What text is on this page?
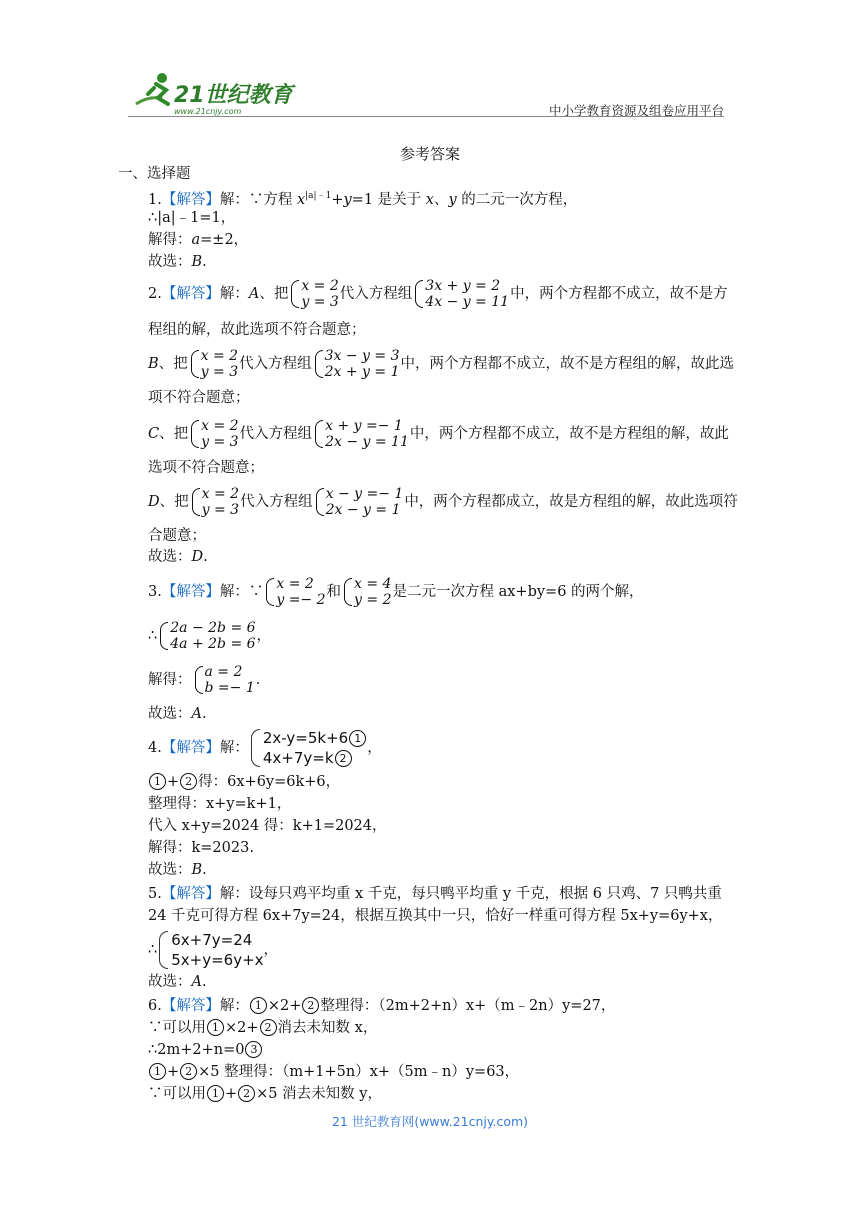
21世纪教育
www.21cnjy.com	中小学教育资源及组卷应用平台
参考答案
一、选择题
1.【解答】解：∵方程 $x^{|a|﹣1}+y=1$ 是关于 x、y 的二元一次方程，
∴|a|﹣1=1，
解得：a=±2，
故选：B.
2.【解答】解：A、把 x = 2
y = 3 代入方程组 3x + y = 2
4x − y = 11 中，两个方程都不成立，故不是方
程组的解，故此选项不符合题意；
B、把 x = 2
y = 3 代入方程组 3x − y = 3
2x + y = 1 中，两个方程都不成立，故不是方程组的解，故此选
项不符合题意；
C、把 x = 2
y = 3 代入方程组 x + y =− 1
2x − y = 11 中，两个方程都不成立，故不是方程组的解，故此
选项不符合题意；
D、把 x = 2
y = 3 代入方程组 x − y =− 1
2x − y = 1 中，两个方程都成立，故是方程组的解，故此选项符
合题意；
故选：D.
3.【解答】解：∵ x = 2
y =− 2 和 x = 4
y = 2 是二元一次方程 ax+by=6 的两个解，
∴ 2a − 2b = 6
4a + 2b = 6 ，
解得： a = 2
b =− 1 .
故选：A.
4.【解答】解：
2x-y=5k+6 1
4x+7y=k 2
，
1 + 2 得：6x+6y=6k+6，
整理得：x+y=k+1，
代入 x+y=2024 得：k+1=2024，
解得：k=2023.
故选：B.
5.【解答】解：设每只鸡平均重 x 千克，每只鸭平均重 y 千克，根据 6 只鸡、7 只鸭共重
24 千克可得方程 6x+7y=24，根据互换其中一只，恰好一样重可得方程 5x+y=6y+x，
∴
6x+7y=24
5x+y=6y+x
，
故选：A.
6.【解答】解： 1 ×2+ 2 整理得：（2m+2+n）x+（m﹣2n）y=27，
∵可以用 1 ×2+ 2 消去未知数 x，
∴2m+2+n=0 3
1 + 2 ×5 整理得：（m+1+5n）x+（5m﹣n）y=63，
∵可以用 1 + 2 ×5 消去未知数 y，
21 世纪教育网(www.21cnjy.com)
